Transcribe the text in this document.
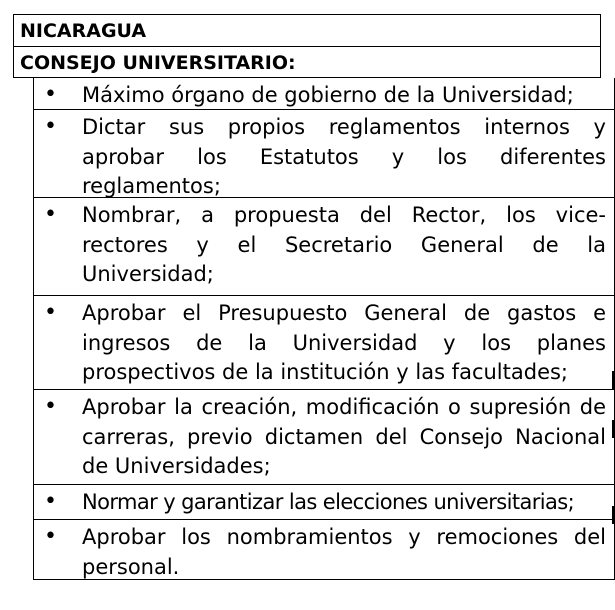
NICARAGUA
CONSEJO UNIVERSITARIO:
• Máximo órgano de gobierno de la Universidad;
• Dictar sus propios reglamentos internos y aprobar los Estatutos y los diferentes reglamentos;
• Nombrar, a propuesta del Rector, los vice- rectores y el Secretario General de la Universidad;
• Aprobar el Presupuesto General de gastos e ingresos de la Universidad y los planes prospectivos de la institución y las facultades;
• Aprobar la creación, modificación o supresión de carreras, previo dictamen del Consejo Nacional de Universidades;
• Normar y garantizar las elecciones universitarias;
• Aprobar los nombramientos y remociones del personal.
